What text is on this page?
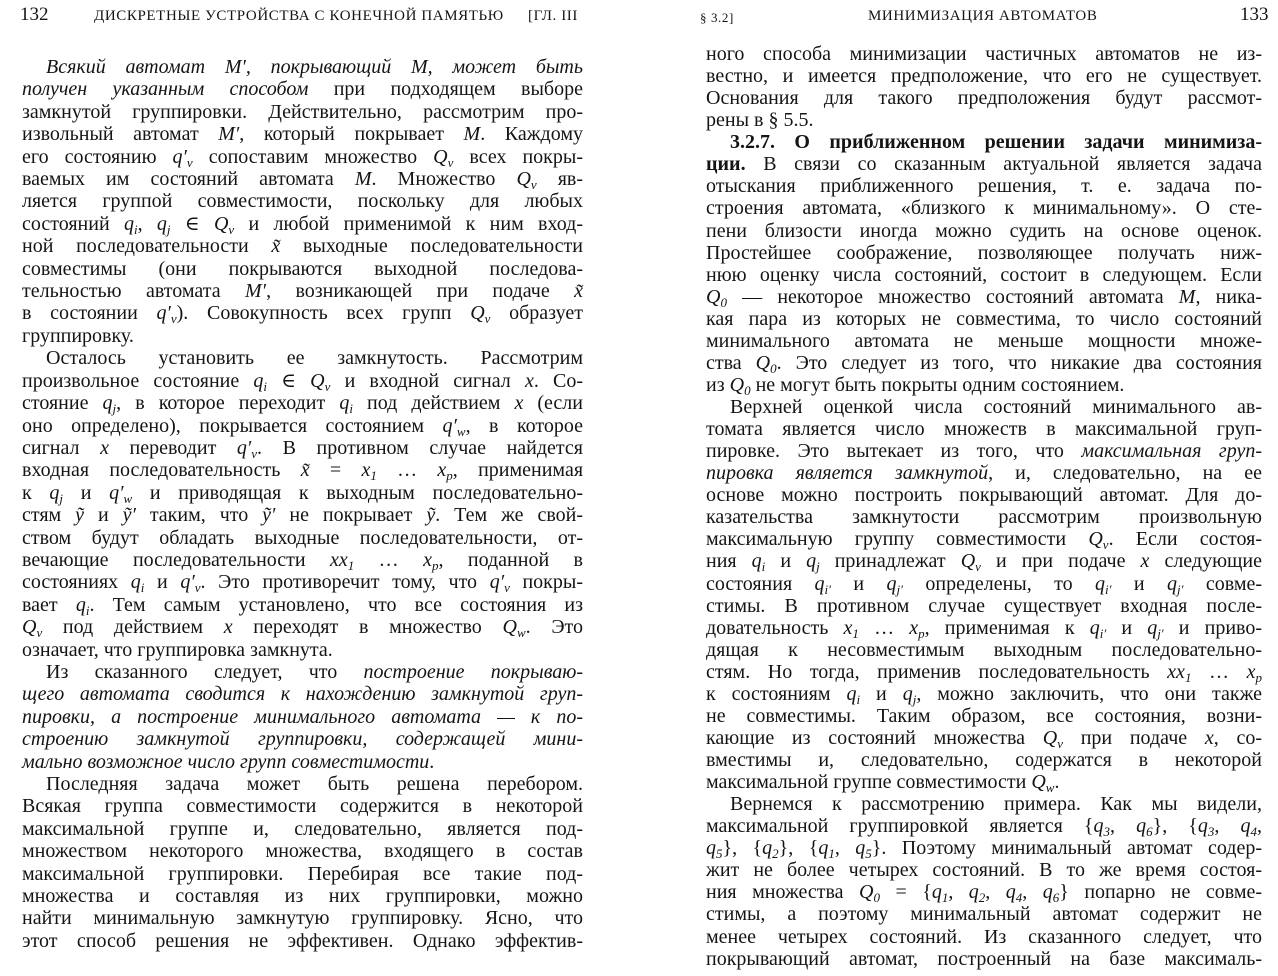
132	ДИСКРЕТНЫЕ УСТРОЙСТВА С КОНЕЧНОЙ ПАМЯТЬЮ [ГЛ. III
Всякий автомат M′, покрывающий M, может быть
получен указанным способом при подходящем выборе
замкнутой группировки. Действительно, рассмотрим про-
извольный автомат M′, который покрывает M. Каждому
его состоянию $q'_v$ сопоставим множество $Q_v$ всех покры-
ваемых им состояний автомата M. Множество $Q_v$ яв-
ляется группой совместимости, поскольку для любых
состояний $q_i$, $q_j$ ∈ $Q_v$ и любой применимой к ним вход-
ной последовательности x̃ выходные последовательности
совместимы (они покрываются выходной последова-
тельностью автомата M′, возникающей при подаче x̃
в состоянии $q'_v$). Совокупность всех групп $Q_v$ образует
группировку.
Осталось установить ее замкнутость. Рассмотрим
произвольное состояние $q_i$ ∈ $Q_v$ и входной сигнал x. Со-
стояние $q_j$, в которое переходит $q_i$ под действием x (если
оно определено), покрывается состоянием $q'_w$, в которое
сигнал x переводит $q'_v$. В противном случае найдется
входная последовательность x̃ = $x_1$ … $x_p$, применимая
к $q_j$ и $q'_w$ и приводящая к выходным последовательно-
стям ỹ и ỹ′ таким, что ỹ′ не покрывает ỹ. Тем же свой-
ством будут обладать выходные последовательности, от-
вечающие последовательности $xx_1$ … $x_p$, поданной в
состояниях $q_i$ и $q'_v$. Это противоречит тому, что $q'_v$ покры-
вает $q_i$. Тем самым установлено, что все состояния из
$Q_v$ под действием x переходят в множество $Q_w$. Это
означает, что группировка замкнута.
Из сказанного следует, что построение покрываю-
щего автомата сводится к нахождению замкнутой груп-
пировки, а построение минимального автомата — к по-
строению замкнутой группировки, содержащей мини-
мально возможное число групп совместимости.
Последняя задача может быть решена перебором.
Всякая группа совместимости содержится в некоторой
максимальной группе и, следовательно, является под-
множеством некоторого множества, входящего в состав
максимальной группировки. Перебирая все такие под-
множества и составляя из них группировки, можно
найти минимальную замкнутую группировку. Ясно, что
этот способ решения не эффективен. Однако эффектив-
§ 3.2]	МИНИМИЗАЦИЯ АВТОМАТОВ	133
ного способа минимизации частичных автоматов не из-
вестно, и имеется предположение, что его не существует.
Основания для такого предположения будут рассмот-
рены в § 5.5.
3.2.7. О приближенном решении задачи минимиза-
ции. В связи со сказанным актуальной является задача
отыскания приближенного решения, т. е. задача по-
строения автомата, «близкого к минимальному». О сте-
пени близости иногда можно судить на основе оценок.
Простейшее соображение, позволяющее получать ниж-
нюю оценку числа состояний, состоит в следующем. Если
$Q_0$ — некоторое множество состояний автомата M, ника-
кая пара из которых не совместима, то число состояний
минимального автомата не меньше мощности множе-
ства $Q_0$. Это следует из того, что никакие два состояния
из $Q_0$ не могут быть покрыты одним состоянием.
Верхней оценкой числа состояний минимального ав-
томата является число множеств в максимальной груп-
пировке. Это вытекает из того, что максимальная груп-
пировка является замкнутой, и, следовательно, на ее
основе можно построить покрывающий автомат. Для до-
казательства замкнутости рассмотрим произвольную
максимальную группу совместимости $Q_v$. Если состоя-
ния $q_i$ и $q_j$ принадлежат $Q_v$ и при подаче x следующие
состояния $q_{i'}$ и $q_{j'}$ определены, то $q_{i'}$ и $q_{j'}$ совме-
стимы. В противном случае существует входная после-
довательность $x_1$ … $x_p$, применимая к $q_{i'}$ и $q_{j'}$ и приво-
дящая к несовместимым выходным последовательно-
стям. Но тогда, применив последовательность $xx_1$ … $x_p$
к состояниям $q_i$ и $q_j$, можно заключить, что они также
не совместимы. Таким образом, все состояния, возни-
кающие из состояний множества $Q_v$ при подаче x, со-
вместимы и, следовательно, содержатся в некоторой
максимальной группе совместимости $Q_w$.
Вернемся к рассмотрению примера. Как мы видели,
максимальной группировкой является {$q_3$, $q_6$}, {$q_3$, $q_4$,
$q_5$}, $\{q_2\}$, {$q_1$, $q_5$}. Поэтому минимальный автомат содер-
жит не более четырех состояний. В то же время состоя-
ния множества $Q_0 = \{q_1$, $q_2$, $q_4$, $q_6$} попарно не совме-
стимы, а поэтому минимальный автомат содержит не
менее четырех состояний. Из сказанного следует, что
покрывающий автомат, построенный на базе максималь-
